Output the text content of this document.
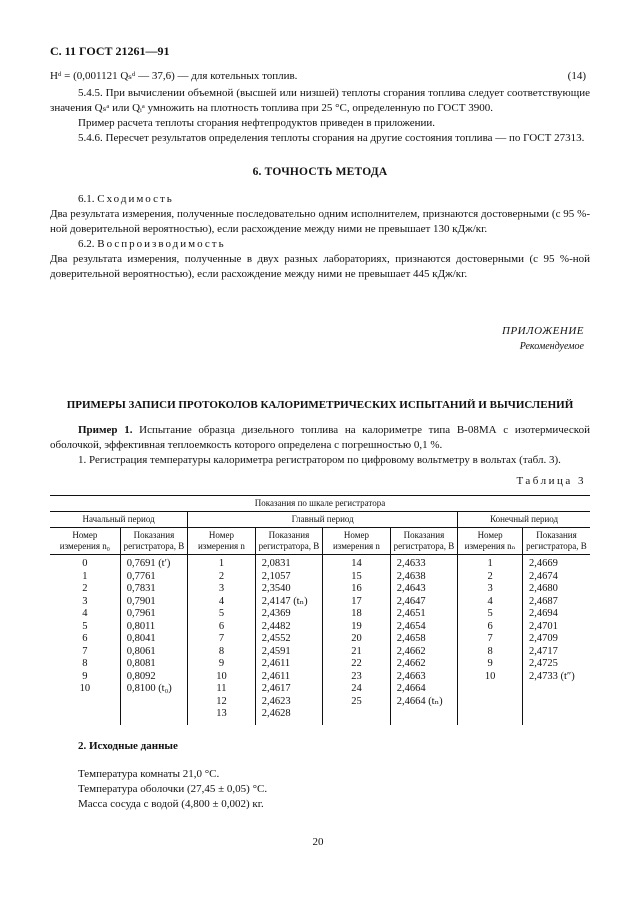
С. 11 ГОСТ 21261—91
Hᵈ = (0,001121 Qₛᵈ — 37,6) — для котельных топлив.	(14)

5.4.5. При вычислении объемной (высшей или низшей) теплоты сгорания топлива следует соответствующие значения Qₛᵃ или Qᵢᵃ умножить на плотность топлива при 25 °С, определенную по ГОСТ 3900.

Пример расчета теплоты сгорания нефтепродуктов приведен в приложении.

5.4.6. Пересчет результатов определения теплоты сгорания на другие состояния топлива — по ГОСТ 27313.

6. ТОЧНОСТЬ МЕТОДА

6.1. Сходимость

Два результата измерения, полученные последовательно одним исполнителем, признаются достоверными (с 95 %-ной доверительной вероятностью), если расхождение между ними не превышает 130 кДж/кг.

6.2. Воспроизводимость

Два результата измерения, полученные в двух разных лабораториях, признаются достоверными (с 95 %-ной доверительной вероятностью), если расхождение между ними не превышает 445 кДж/кг.

ПРИЛОЖЕНИЕ
Рекомендуемое
ПРИМЕРЫ ЗАПИСИ ПРОТОКОЛОВ КАЛОРИМЕТРИЧЕСКИХ ИСПЫТАНИЙ И ВЫЧИСЛЕНИЙ

Пример 1. Испытание образца дизельного топлива на калориметре типа В-08МА с изотермической оболочкой, эффективная теплоемкость которого определена с погрешностью 0,1 %.

1. Регистрация температуры калориметра регистратором по цифровому вольтметру в вольтах (табл. 3).

Таблица 3
Показания по шкале регистратора							
Начальный период		Главный период				Конечный период	
Номер измерения n₀	Показания регистратора, В	Номер измерения n	Показания регистратора, В	Номер измерения n	Показания регистратора, В	Номер измерения nₙ	Показания регистратора, В
0	0,7691 (t′)	1	2,0831	14	2,4633	1	2,4669
1	0,7761	2	2,1057	15	2,4638	2	2,4674
2	0,7831	3	2,3540	16	2,4643	3	2,4680
3	0,7901	4	2,4147 (tₙ)	17	2,4647	4	2,4687
4	0,7961	5	2,4369	18	2,4651	5	2,4694
5	0,8011	6	2,4482	19	2,4654	6	2,4701
6	0,8041	7	2,4552	20	2,4658	7	2,4709
7	0,8061	8	2,4591	21	2,4662	8	2,4717
8	0,8081	9	2,4611	22	2,4662	9	2,4725
9	0,8092	10	2,4611	23	2,4663	10	2,4733 (t″)
10	0,8100 (t₀)	11	2,4617	24	2,4664		
		12	2,4623	25	2,4664 (tₙ)		
		13	2,4628				
2. Исходные данные

Температура комнаты 21,0 °С.

Температура оболочки (27,45 ± 0,05) °С.

Масса сосуда с водой (4,800 ± 0,002) кг.

20
